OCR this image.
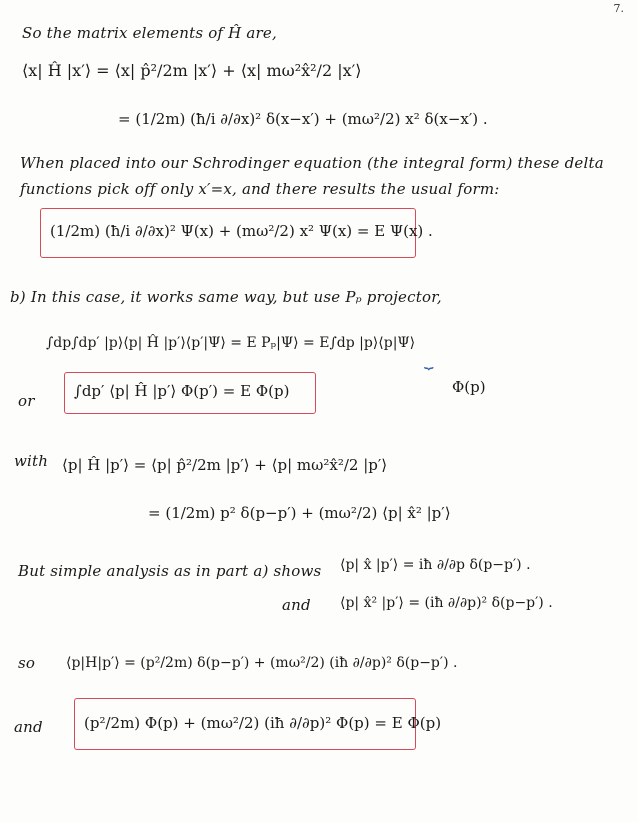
7.
So the matrix elements of Ĥ are,
⟨x| Ĥ |x′⟩ = ⟨x| p̂²/2m |x′⟩ + ⟨x| mω²x̂²/2 |x′⟩
= (1/2m) (ħ/i ∂/∂x)² δ(x−x′) + (mω²/2) x² δ(x−x′) .
When placed into our Schrodinger equation (the integral form) these delta
functions pick off only x′=x, and there results the usual form:
(1/2m) (ħ/i ∂/∂x)² Ψ(x) + (mω²/2) x² Ψ(x) = E Ψ(x) .
b) In this case, it works same way, but use Pₚ projector,
∫dp∫dp′ |p⟩⟨p| Ĥ |p′⟩⟨p′|Ψ⟩ = E Pₚ|Ψ⟩ = E∫dp |p⟩⟨p|Ψ⟩
⏟
or
∫dp′ ⟨p| Ĥ |p′⟩ Φ(p′) = E Φ(p)	Φ(p)
with ⟨p| Ĥ |p′⟩ = ⟨p| p̂²/2m |p′⟩ + ⟨p| mω²x̂²/2 |p′⟩
= (1/2m) p² δ(p−p′) + (mω²/2) ⟨p| x̂² |p′⟩
But simple analysis as in part a) shows ⟨p| x̂ |p′⟩ = iħ ∂/∂p δ(p−p′) .
and ⟨p| x̂² |p′⟩ = (iħ ∂/∂p)² δ(p−p′) .
so ⟨p|H|p′⟩ = (p²/2m) δ(p−p′) + (mω²/2) (iħ ∂/∂p)² δ(p−p′) .
and	(p²/2m) Φ(p) + (mω²/2) (iħ ∂/∂p)² Φ(p) = E Φ(p)
